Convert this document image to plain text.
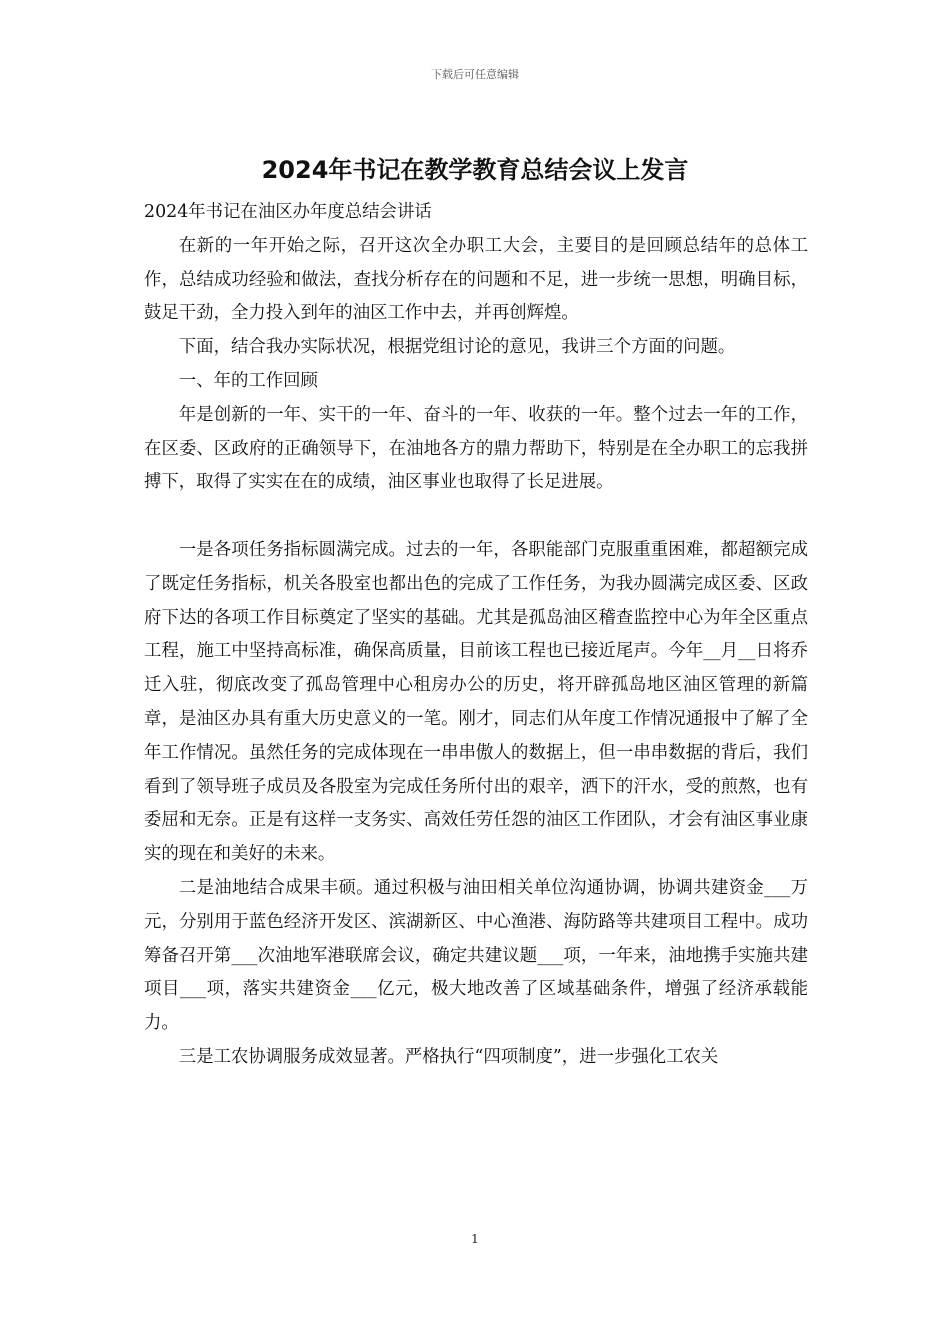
下载后可任意编辑
2024年书记在教学教育总结会议上发言

2024年书记在油区办年度总结会讲话

在新的一年开始之际，召开这次全办职工大会，主要目的是回顾总结年的总体工作，总结成功经验和做法，查找分析存在的问题和不足，进一步统一思想，明确目标，鼓足干劲，全力投入到年的油区工作中去，并再创辉煌。

下面，结合我办实际状况，根据党组讨论的意见，我讲三个方面的问题。

一、年的工作回顾

年是创新的一年、实干的一年、奋斗的一年、收获的一年。整个过去一年的工作，在区委、区政府的正确领导下，在油地各方的鼎力帮助下，特别是在全办职工的忘我拼搏下，取得了实实在在的成绩，油区事业也取得了长足进展。

一是各项任务指标圆满完成。过去的一年，各职能部门克服重重困难，都超额完成了既定任务指标，机关各股室也都出色的完成了工作任务，为我办圆满完成区委、区政府下达的各项工作目标奠定了坚实的基础。尤其是孤岛油区稽查监控中心为年全区重点工程，施工中坚持高标准，确保高质量，目前该工程也已接近尾声。今年__月__日将乔迁入驻，彻底改变了孤岛管理中心租房办公的历史，将开辟孤岛地区油区管理的新篇章，是油区办具有重大历史意义的一笔。刚才，同志们从年度工作情况通报中了解了全年工作情况。虽然任务的完成体现在一串串傲人的数据上，但一串串数据的背后，我们看到了领导班子成员及各股室为完成任务所付出的艰辛，洒下的汗水，受的煎熬，也有委屈和无奈。正是有这样一支务实、高效任劳任怨的油区工作团队，才会有油区事业康实的现在和美好的未来。

二是油地结合成果丰硕。通过积极与油田相关单位沟通协调，协调共建资金___万元，分别用于蓝色经济开发区、滨湖新区、中心渔港、海防路等共建项目工程中。成功筹备召开第___次油地军港联席会议，确定共建议题___项，一年来，油地携手实施共建项目___项，落实共建资金___亿元，极大地改善了区域基础条件，增强了经济承载能力。

三是工农协调服务成效显著。严格执行“四项制度”，进一步强化工农关

1
